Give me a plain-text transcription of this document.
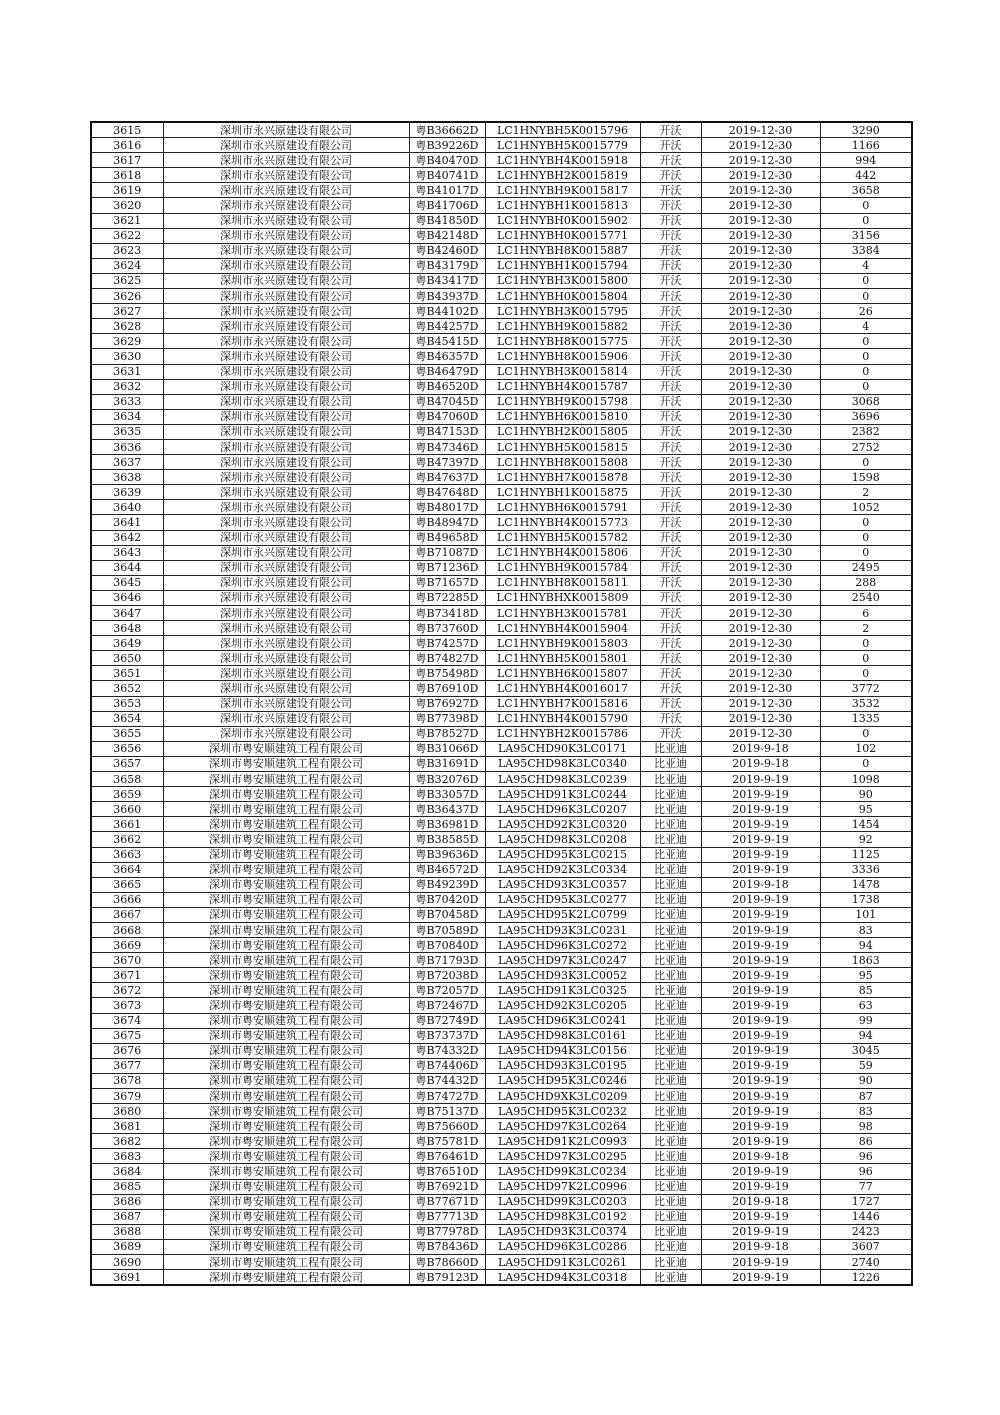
3615	深圳市永兴原建设有限公司	粤B36662D	LC1HNYBH5K0015796	开沃	2019-12-30	3290
3616	深圳市永兴原建设有限公司	粤B39226D	LC1HNYBH5K0015779	开沃	2019-12-30	1166
3617	深圳市永兴原建设有限公司	粤B40470D	LC1HNYBH4K0015918	开沃	2019-12-30	994
3618	深圳市永兴原建设有限公司	粤B40741D	LC1HNYBH2K0015819	开沃	2019-12-30	442
3619	深圳市永兴原建设有限公司	粤B41017D	LC1HNYBH9K0015817	开沃	2019-12-30	3658
3620	深圳市永兴原建设有限公司	粤B41706D	LC1HNYBH1K0015813	开沃	2019-12-30	0
3621	深圳市永兴原建设有限公司	粤B41850D	LC1HNYBH0K0015902	开沃	2019-12-30	0
3622	深圳市永兴原建设有限公司	粤B42148D	LC1HNYBH0K0015771	开沃	2019-12-30	3156
3623	深圳市永兴原建设有限公司	粤B42460D	LC1HNYBH8K0015887	开沃	2019-12-30	3384
3624	深圳市永兴原建设有限公司	粤B43179D	LC1HNYBH1K0015794	开沃	2019-12-30	4
3625	深圳市永兴原建设有限公司	粤B43417D	LC1HNYBH3K0015800	开沃	2019-12-30	0
3626	深圳市永兴原建设有限公司	粤B43937D	LC1HNYBH0K0015804	开沃	2019-12-30	0
3627	深圳市永兴原建设有限公司	粤B44102D	LC1HNYBH3K0015795	开沃	2019-12-30	26
3628	深圳市永兴原建设有限公司	粤B44257D	LC1HNYBH9K0015882	开沃	2019-12-30	4
3629	深圳市永兴原建设有限公司	粤B45415D	LC1HNYBH8K0015775	开沃	2019-12-30	0
3630	深圳市永兴原建设有限公司	粤B46357D	LC1HNYBH8K0015906	开沃	2019-12-30	0
3631	深圳市永兴原建设有限公司	粤B46479D	LC1HNYBH3K0015814	开沃	2019-12-30	0
3632	深圳市永兴原建设有限公司	粤B46520D	LC1HNYBH4K0015787	开沃	2019-12-30	0
3633	深圳市永兴原建设有限公司	粤B47045D	LC1HNYBH9K0015798	开沃	2019-12-30	3068
3634	深圳市永兴原建设有限公司	粤B47060D	LC1HNYBH6K0015810	开沃	2019-12-30	3696
3635	深圳市永兴原建设有限公司	粤B47153D	LC1HNYBH2K0015805	开沃	2019-12-30	2382
3636	深圳市永兴原建设有限公司	粤B47346D	LC1HNYBH5K0015815	开沃	2019-12-30	2752
3637	深圳市永兴原建设有限公司	粤B47397D	LC1HNYBH8K0015808	开沃	2019-12-30	0
3638	深圳市永兴原建设有限公司	粤B47637D	LC1HNYBH7K0015878	开沃	2019-12-30	1598
3639	深圳市永兴原建设有限公司	粤B47648D	LC1HNYBH1K0015875	开沃	2019-12-30	2
3640	深圳市永兴原建设有限公司	粤B48017D	LC1HNYBH6K0015791	开沃	2019-12-30	1052
3641	深圳市永兴原建设有限公司	粤B48947D	LC1HNYBH4K0015773	开沃	2019-12-30	0
3642	深圳市永兴原建设有限公司	粤B49658D	LC1HNYBH5K0015782	开沃	2019-12-30	0
3643	深圳市永兴原建设有限公司	粤B71087D	LC1HNYBH4K0015806	开沃	2019-12-30	0
3644	深圳市永兴原建设有限公司	粤B71236D	LC1HNYBH9K0015784	开沃	2019-12-30	2495
3645	深圳市永兴原建设有限公司	粤B71657D	LC1HNYBH8K0015811	开沃	2019-12-30	288
3646	深圳市永兴原建设有限公司	粤B72285D	LC1HNYBHXK0015809	开沃	2019-12-30	2540
3647	深圳市永兴原建设有限公司	粤B73418D	LC1HNYBH3K0015781	开沃	2019-12-30	6
3648	深圳市永兴原建设有限公司	粤B73760D	LC1HNYBH4K0015904	开沃	2019-12-30	2
3649	深圳市永兴原建设有限公司	粤B74257D	LC1HNYBH9K0015803	开沃	2019-12-30	0
3650	深圳市永兴原建设有限公司	粤B74827D	LC1HNYBH5K0015801	开沃	2019-12-30	0
3651	深圳市永兴原建设有限公司	粤B75498D	LC1HNYBH6K0015807	开沃	2019-12-30	0
3652	深圳市永兴原建设有限公司	粤B76910D	LC1HNYBH4K0016017	开沃	2019-12-30	3772
3653	深圳市永兴原建设有限公司	粤B76927D	LC1HNYBH7K0015816	开沃	2019-12-30	3532
3654	深圳市永兴原建设有限公司	粤B77398D	LC1HNYBH4K0015790	开沃	2019-12-30	1335
3655	深圳市永兴原建设有限公司	粤B78527D	LC1HNYBH2K0015786	开沃	2019-12-30	0
3656	深圳市粤安顺建筑工程有限公司	粤B31066D	LA95CHD90K3LC0171	比亚迪	2019-9-18	102
3657	深圳市粤安顺建筑工程有限公司	粤B31691D	LA95CHD98K3LC0340	比亚迪	2019-9-18	0
3658	深圳市粤安顺建筑工程有限公司	粤B32076D	LA95CHD98K3LC0239	比亚迪	2019-9-19	1098
3659	深圳市粤安顺建筑工程有限公司	粤B33057D	LA95CHD91K3LC0244	比亚迪	2019-9-19	90
3660	深圳市粤安顺建筑工程有限公司	粤B36437D	LA95CHD96K3LC0207	比亚迪	2019-9-19	95
3661	深圳市粤安顺建筑工程有限公司	粤B36981D	LA95CHD92K3LC0320	比亚迪	2019-9-19	1454
3662	深圳市粤安顺建筑工程有限公司	粤B38585D	LA95CHD98K3LC0208	比亚迪	2019-9-19	92
3663	深圳市粤安顺建筑工程有限公司	粤B39636D	LA95CHD95K3LC0215	比亚迪	2019-9-19	1125
3664	深圳市粤安顺建筑工程有限公司	粤B46572D	LA95CHD92K3LC0334	比亚迪	2019-9-19	3336
3665	深圳市粤安顺建筑工程有限公司	粤B49239D	LA95CHD93K3LC0357	比亚迪	2019-9-18	1478
3666	深圳市粤安顺建筑工程有限公司	粤B70420D	LA95CHD95K3LC0277	比亚迪	2019-9-19	1738
3667	深圳市粤安顺建筑工程有限公司	粤B70458D	LA95CHD95K2LC0799	比亚迪	2019-9-19	101
3668	深圳市粤安顺建筑工程有限公司	粤B70589D	LA95CHD93K3LC0231	比亚迪	2019-9-19	83
3669	深圳市粤安顺建筑工程有限公司	粤B70840D	LA95CHD96K3LC0272	比亚迪	2019-9-19	94
3670	深圳市粤安顺建筑工程有限公司	粤B71793D	LA95CHD97K3LC0247	比亚迪	2019-9-19	1863
3671	深圳市粤安顺建筑工程有限公司	粤B72038D	LA95CHD93K3LC0052	比亚迪	2019-9-19	95
3672	深圳市粤安顺建筑工程有限公司	粤B72057D	LA95CHD91K3LC0325	比亚迪	2019-9-19	85
3673	深圳市粤安顺建筑工程有限公司	粤B72467D	LA95CHD92K3LC0205	比亚迪	2019-9-19	63
3674	深圳市粤安顺建筑工程有限公司	粤B72749D	LA95CHD96K3LC0241	比亚迪	2019-9-19	99
3675	深圳市粤安顺建筑工程有限公司	粤B73737D	LA95CHD98K3LC0161	比亚迪	2019-9-19	94
3676	深圳市粤安顺建筑工程有限公司	粤B74332D	LA95CHD94K3LC0156	比亚迪	2019-9-19	3045
3677	深圳市粤安顺建筑工程有限公司	粤B74406D	LA95CHD93K3LC0195	比亚迪	2019-9-19	59
3678	深圳市粤安顺建筑工程有限公司	粤B74432D	LA95CHD95K3LC0246	比亚迪	2019-9-19	90
3679	深圳市粤安顺建筑工程有限公司	粤B74727D	LA95CHD9XK3LC0209	比亚迪	2019-9-19	87
3680	深圳市粤安顺建筑工程有限公司	粤B75137D	LA95CHD95K3LC0232	比亚迪	2019-9-19	83
3681	深圳市粤安顺建筑工程有限公司	粤B75660D	LA95CHD97K3LC0264	比亚迪	2019-9-19	98
3682	深圳市粤安顺建筑工程有限公司	粤B75781D	LA95CHD91K2LC0993	比亚迪	2019-9-19	86
3683	深圳市粤安顺建筑工程有限公司	粤B76461D	LA95CHD97K3LC0295	比亚迪	2019-9-18	96
3684	深圳市粤安顺建筑工程有限公司	粤B76510D	LA95CHD99K3LC0234	比亚迪	2019-9-19	96
3685	深圳市粤安顺建筑工程有限公司	粤B76921D	LA95CHD97K2LC0996	比亚迪	2019-9-19	77
3686	深圳市粤安顺建筑工程有限公司	粤B77671D	LA95CHD99K3LC0203	比亚迪	2019-9-18	1727
3687	深圳市粤安顺建筑工程有限公司	粤B77713D	LA95CHD98K3LC0192	比亚迪	2019-9-19	1446
3688	深圳市粤安顺建筑工程有限公司	粤B77978D	LA95CHD93K3LC0374	比亚迪	2019-9-19	2423
3689	深圳市粤安顺建筑工程有限公司	粤B78436D	LA95CHD96K3LC0286	比亚迪	2019-9-18	3607
3690	深圳市粤安顺建筑工程有限公司	粤B78660D	LA95CHD91K3LC0261	比亚迪	2019-9-19	2740
3691	深圳市粤安顺建筑工程有限公司	粤B79123D	LA95CHD94K3LC0318	比亚迪	2019-9-19	1226
